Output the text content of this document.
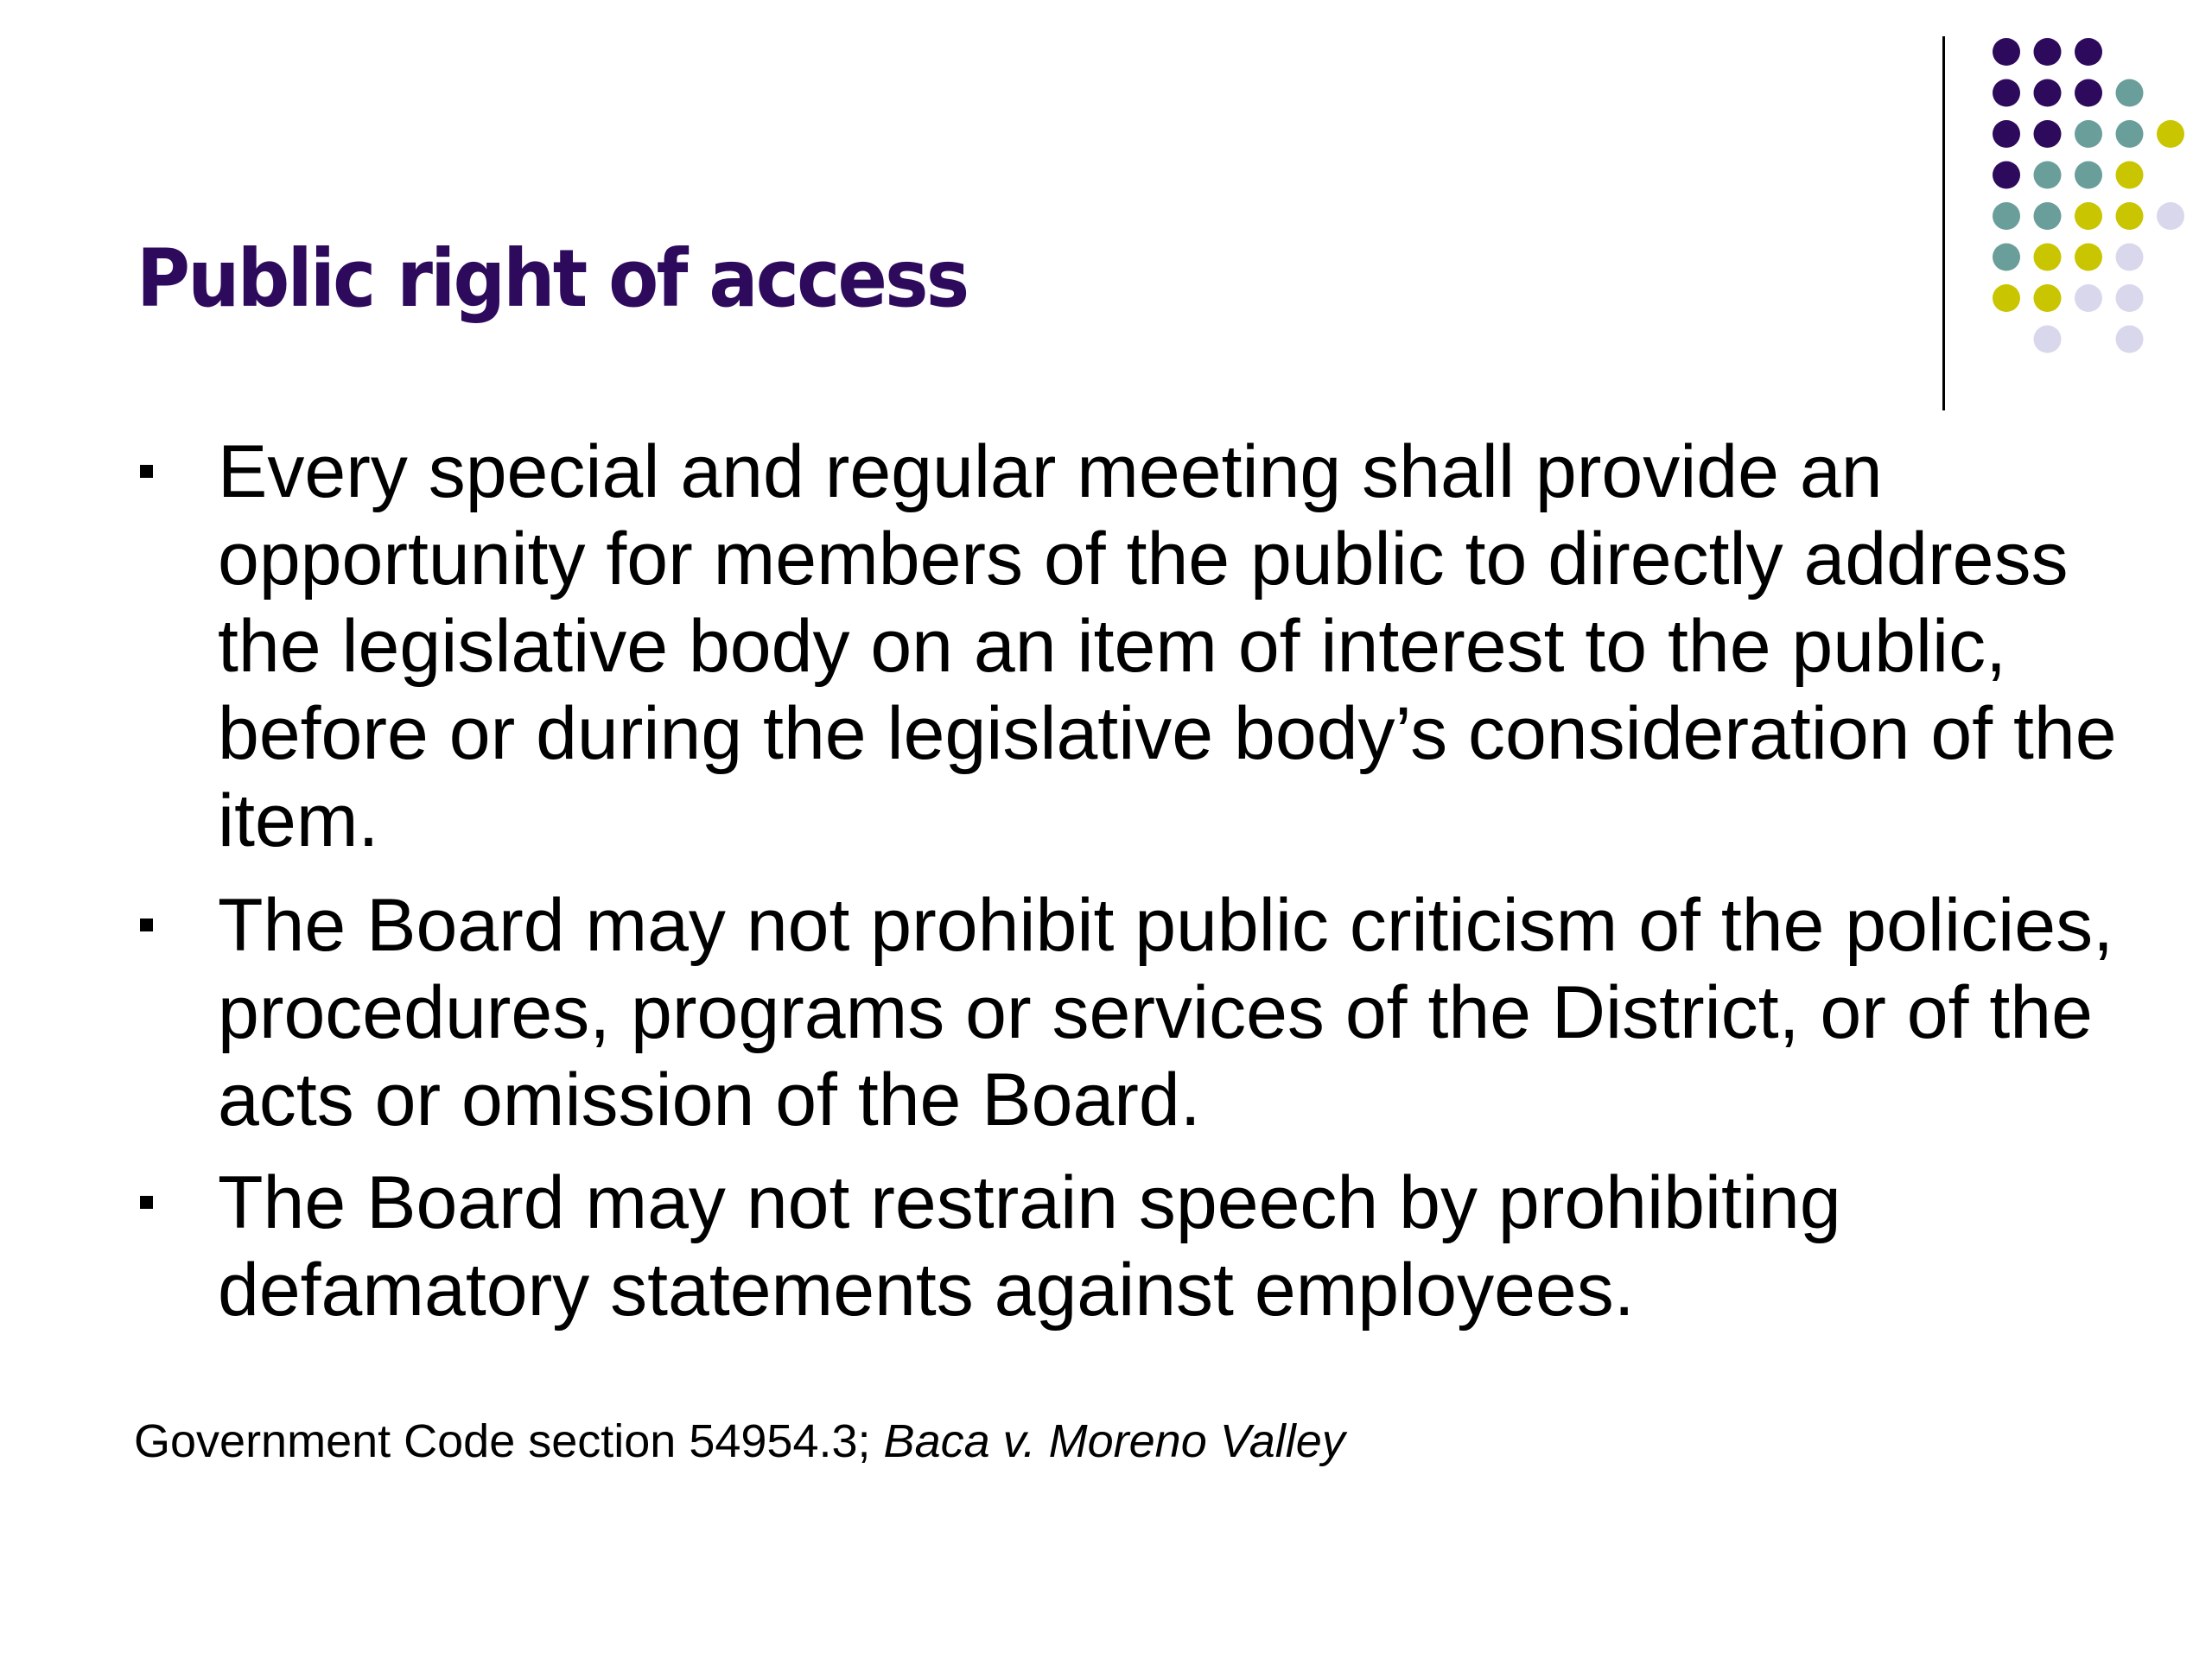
Public right of access
Every special and regular meeting shall provide an opportunity for members of the public to directly address the legislative body on an item of interest to the public, before or during the legislative body’s consideration of the item.
The Board may not prohibit public criticism of the policies, procedures, programs or services of the District, or of the acts or omission of the Board.
The Board may not restrain speech by prohibiting defamatory statements against employees.
Government Code section 54954.3; Baca v. Moreno Valley
